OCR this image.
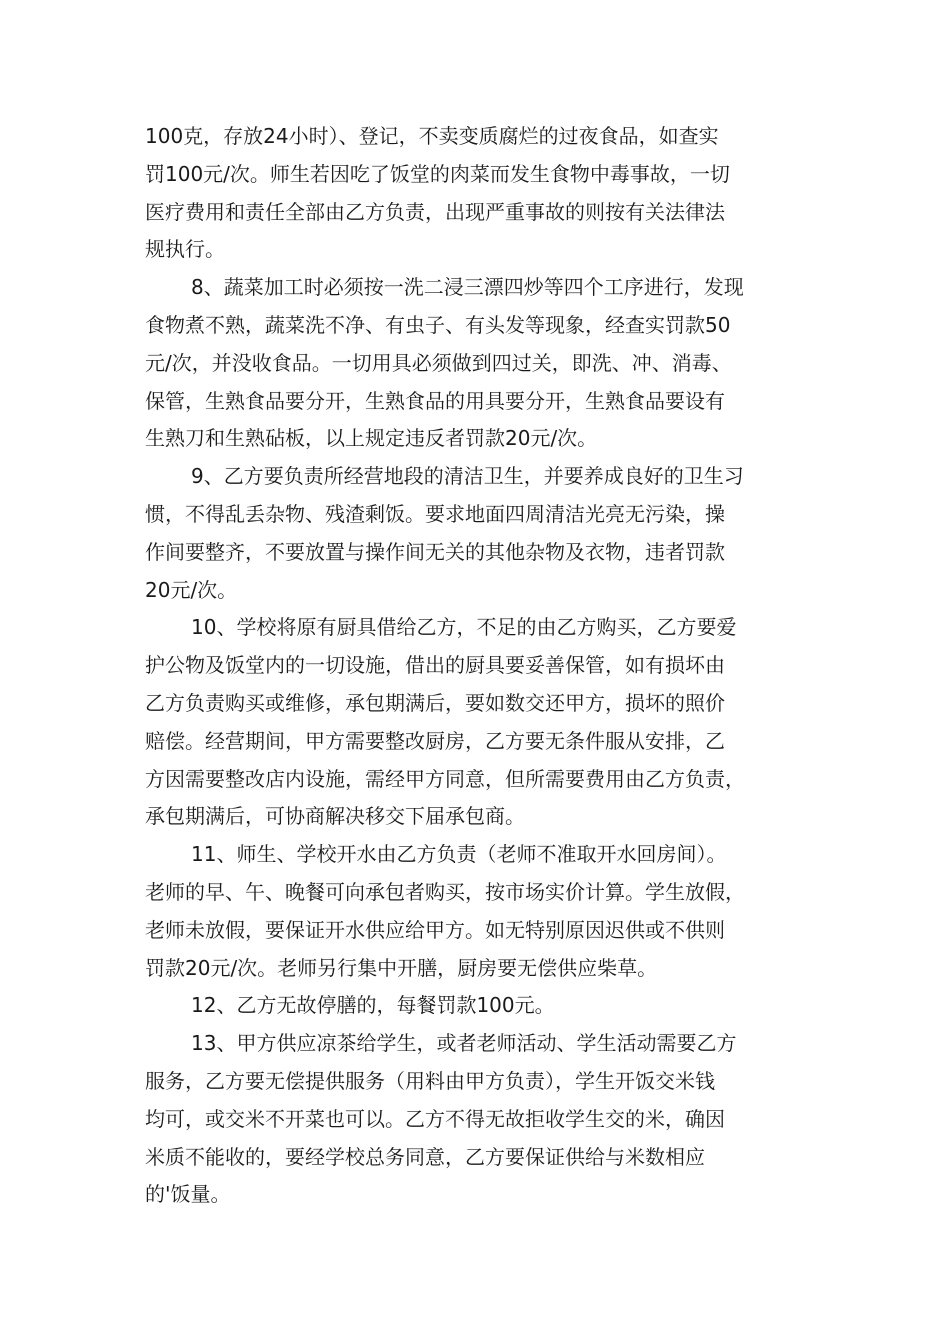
100克，存放24小时）、登记，不卖变质腐烂的过夜食品，如查实
罚100元/次。师生若因吃了饭堂的肉菜而发生食物中毒事故，一切
医疗费用和责任全部由乙方负责，出现严重事故的则按有关法律法
规执行。
8、蔬菜加工时必须按一洗二浸三漂四炒等四个工序进行，发现
食物煮不熟，蔬菜洗不净、有虫子、有头发等现象，经查实罚款50
元/次，并没收食品。一切用具必须做到四过关，即洗、冲、消毒、
保管，生熟食品要分开，生熟食品的用具要分开，生熟食品要设有
生熟刀和生熟砧板，以上规定违反者罚款20元/次。
9、乙方要负责所经营地段的清洁卫生，并要养成良好的卫生习
惯，不得乱丢杂物、残渣剩饭。要求地面四周清洁光亮无污染，操
作间要整齐，不要放置与操作间无关的其他杂物及衣物，违者罚款
20元/次。
10、学校将原有厨具借给乙方，不足的由乙方购买，乙方要爱
护公物及饭堂内的一切设施，借出的厨具要妥善保管，如有损坏由
乙方负责购买或维修，承包期满后，要如数交还甲方，损坏的照价
赔偿。经营期间，甲方需要整改厨房，乙方要无条件服从安排，乙
方因需要整改店内设施，需经甲方同意，但所需要费用由乙方负责，
承包期满后，可协商解决移交下届承包商。
11、师生、学校开水由乙方负责（老师不准取开水回房间）。
老师的早、午、晚餐可向承包者购买，按市场实价计算。学生放假，
老师未放假，要保证开水供应给甲方。如无特别原因迟供或不供则
罚款20元/次。老师另行集中开膳，厨房要无偿供应柴草。
12、乙方无故停膳的，每餐罚款100元。
13、甲方供应凉茶给学生，或者老师活动、学生活动需要乙方
服务，乙方要无偿提供服务（用料由甲方负责），学生开饭交米钱
均可，或交米不开菜也可以。乙方不得无故拒收学生交的米，确因
米质不能收的，要经学校总务同意，乙方要保证供给与米数相应
的'饭量。
